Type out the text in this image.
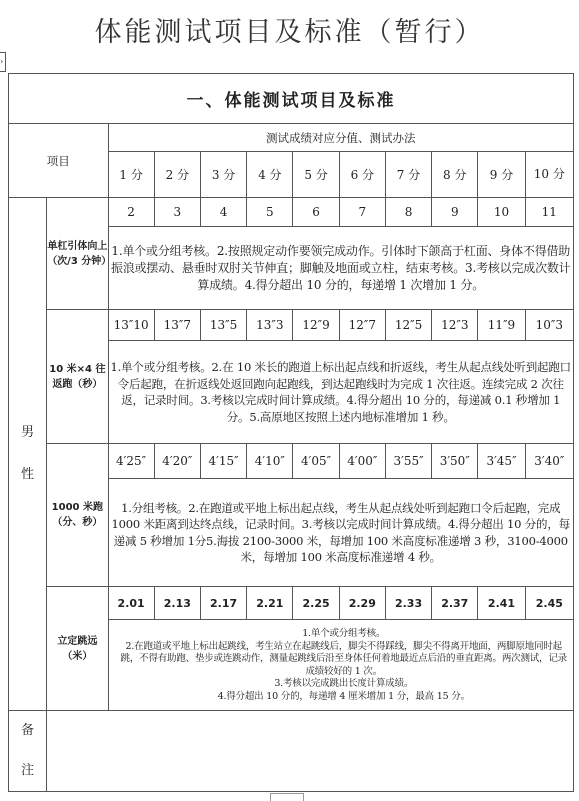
体能测试项目及标准（暂行）
›
一、体能测试项目及标准											
项目		测试成绩对应分值、测试办法									
		1 分	2 分	3 分	4 分	5 分	6 分	7 分	8 分	9 分	10 分
男性	单杠引体向上（次/3 分钟）	2	3	4	5	6	7	8	9	10	11
		1.单个或分组考核。2.按照规定动作要领完成动作。引体时下颌高于杠面、身体不得借助振浪或摆动、悬垂时双肘关节伸直；脚触及地面或立柱，结束考核。3.考核以完成次数计算成绩。4.得分超出 10 分的，每递增 1 次增加 1 分。									
	10 米×4 往返跑（秒）	13″10	13″7	13″5	13″3	12″9	12″7	12″5	12″3	11″9	10″3
		1.单个或分组考核。2.在 10 米长的跑道上标出起点线和折返线，考生从起点线处听到起跑口令后起跑，在折返线处返回跑向起跑线，到达起跑线时为完成 1 次往返。连续完成 2 次往返，记录时间。3.考核以完成时间计算成绩。4.得分超出 10 分的，每递减 0.1 秒增加 1 分。5.高原地区按照上述内地标准增加 1 秒。									
	1000 米跑（分、秒）	4′25″	4′20″	4′15″	4′10″	4′05″	4′00″	3′55″	3′50″	3′45″	3′40″
		1.分组考核。2.在跑道或平地上标出起点线，考生从起点线处听到起跑口令后起跑，完成 1000 米距离到达终点线，记录时间。3.考核以完成时间计算成绩。4.得分超出 10 分的，每递减 5 秒增加 1分5.海拔 2100-3000 米，每增加 100 米高度标准递增 3 秒，3100-4000 米，每增加 100 米高度标准递增 4 秒。									
	立定跳远（米）	2.01	2.13	2.17	2.21	2.25	2.29	2.33	2.37	2.41	2.45

		1.单个或分组考核。
2.在跑道或平地上标出起跳线，考生站立在起跳线后，脚尖不得踩线，脚尖不得离开地面，两脚原地同时起跳，不得有助跑、垫步或连跳动作，测量起跳线后沿至身体任何着地最近点后沿的垂直距离。两次测试，记录成绩较好的 1 次。
3.考核以完成跳出长度计算成绩。
4.得分超出 10 分的，每递增 4 厘米增加 1 分，最高 15 分。									

备注											
